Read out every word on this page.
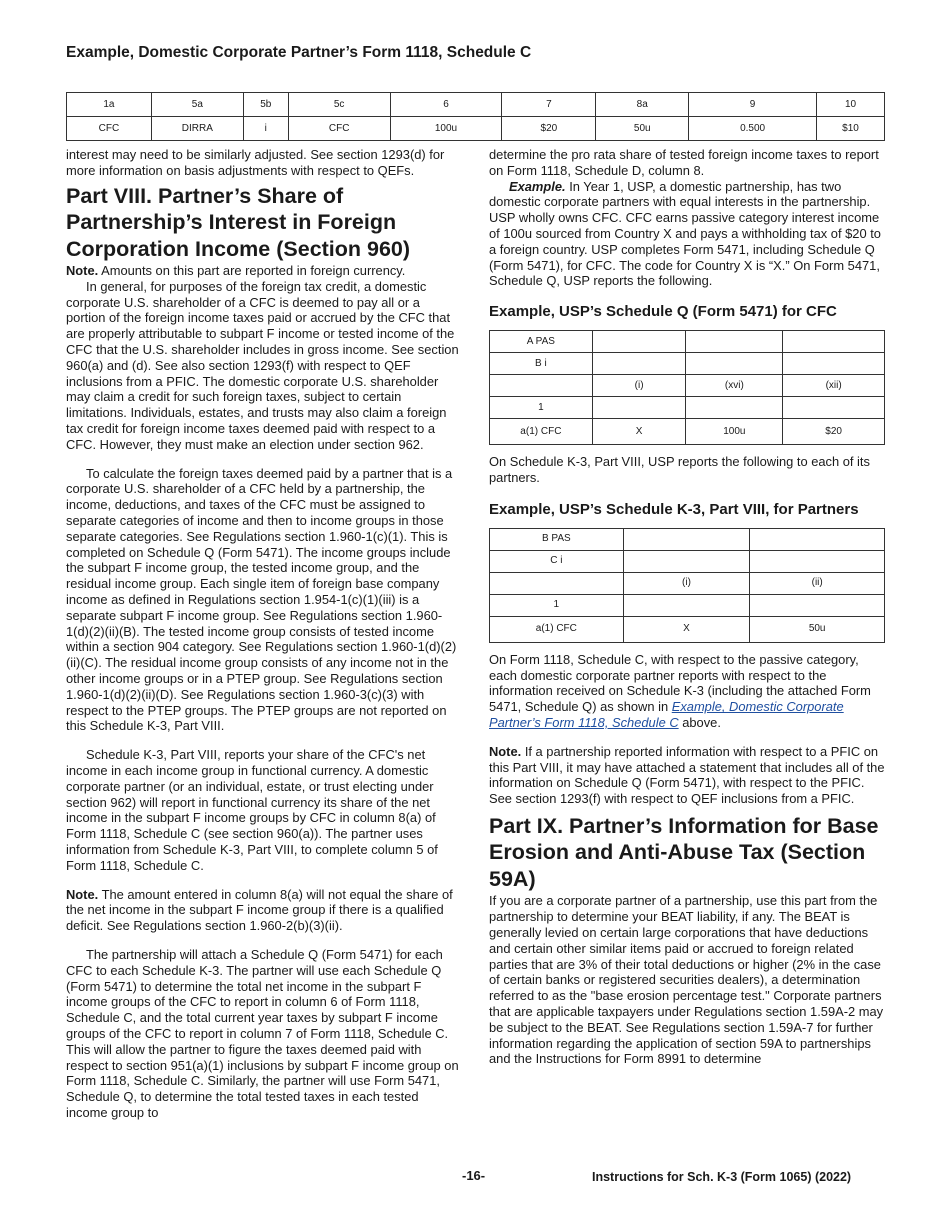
Example, Domestic Corporate Partner’s Form 1118, Schedule C
1a	5a	5b	5c	6	7	8a	9	10
CFC	DIRRA	i	CFC	100u	$20	50u	0.500	$10

interest may need to be similarly adjusted. See section 1293(d) for more information on basis adjustments with respect to QEFs.

Part VIII. Partner’s Share of Partnership’s Interest in Foreign Corporation Income (Section 960)

Note. Amounts on this part are reported in foreign currency.

In general, for purposes of the foreign tax credit, a domestic corporate U.S. shareholder of a CFC is deemed to pay all or a portion of the foreign income taxes paid or accrued by the CFC that are properly attributable to subpart F income or tested income of the CFC that the U.S. shareholder includes in gross income. See section 960(a) and (d). See also section 1293(f) with respect to QEF inclusions from a PFIC. The domestic corporate U.S. shareholder may claim a credit for such foreign taxes, subject to certain limitations. Individuals, estates, and trusts may also claim a foreign tax credit for foreign income taxes deemed paid with respect to a CFC. However, they must make an election under section 962.

To calculate the foreign taxes deemed paid by a partner that is a corporate U.S. shareholder of a CFC held by a partnership, the income, deductions, and taxes of the CFC must be assigned to separate categories of income and then to income groups in those separate categories. See Regulations section 1.960-1(c)(1). This is completed on Schedule Q (Form 5471). The income groups include the subpart F income group, the tested income group, and the residual income group. Each single item of foreign base company income as defined in Regulations section 1.954-1(c)(1)(iii) is a separate subpart F income group. See Regulations section 1.960-1(d)(2)(ii)(B). The tested income group consists of tested income within a section 904 category. See Regulations section 1.960-1(d)(2)(ii)(C). The residual income group consists of any income not in the other income groups or in a PTEP group. See Regulations section 1.960-1(d)(2)(ii)(D). See Regulations section 1.960-3(c)(3) with respect to the PTEP groups. The PTEP groups are not reported on this Schedule K-3, Part VIII.

Schedule K-3, Part VIII, reports your share of the CFC's net income in each income group in functional currency. A domestic corporate partner (or an individual, estate, or trust electing under section 962) will report in functional currency its share of the net income in the subpart F income groups by CFC in column 8(a) of Form 1118, Schedule C (see section 960(a)). The partner uses information from Schedule K-3, Part VIII, to complete column 5 of Form 1118, Schedule C.

Note. The amount entered in column 8(a) will not equal the share of the net income in the subpart F income group if there is a qualified deficit. See Regulations section 1.960-2(b)(3)(ii).

The partnership will attach a Schedule Q (Form 5471) for each CFC to each Schedule K-3. The partner will use each Schedule Q (Form 5471) to determine the total net income in the subpart F income groups of the CFC to report in column 6 of Form 1118, Schedule C, and the total current year taxes by subpart F income groups of the CFC to report in column 7 of Form 1118, Schedule C. This will allow the partner to figure the taxes deemed paid with respect to section 951(a)(1) inclusions by subpart F income group on Form 1118, Schedule C. Similarly, the partner will use Form 5471, Schedule Q, to determine the total tested taxes in each tested income group to

determine the pro rata share of tested foreign income taxes to report on Form 1118, Schedule D, column 8.

Example. In Year 1, USP, a domestic partnership, has two domestic corporate partners with equal interests in the partnership. USP wholly owns CFC. CFC earns passive category interest income of 100u sourced from Country X and pays a withholding tax of $20 to a foreign country. USP completes Form 5471, including Schedule Q (Form 5471), for CFC. The code for Country X is “X.” On Form 5471, Schedule Q, USP reports the following.

Example, USP’s Schedule Q (Form 5471) for CFC
A PAS			
B i			
	(i)	(xvi)	(xii)
1			
a(1) CFC	X	100u	$20

On Schedule K-3, Part VIII, USP reports the following to each of its partners.

Example, USP’s Schedule K-3, Part VIII, for Partners
B PAS		
C i		
	(i)	(ii)
1		
a(1) CFC	X	50u

On Form 1118, Schedule C, with respect to the passive category, each domestic corporate partner reports with respect to the information received on Schedule K-3 (including the attached Form 5471, Schedule Q) as shown in Example, Domestic Corporate Partner’s Form 1118, Schedule C above.

Note. If a partnership reported information with respect to a PFIC on this Part VIII, it may have attached a statement that includes all of the information on Schedule Q (Form 5471), with respect to the PFIC. See section 1293(f) with respect to QEF inclusions from a PFIC.

Part IX. Partner’s Information for Base Erosion and Anti-Abuse Tax (Section 59A)

If you are a corporate partner of a partnership, use this part from the partnership to determine your BEAT liability, if any. The BEAT is generally levied on certain large corporations that have deductions and certain other similar items paid or accrued to foreign related parties that are 3% of their total deductions or higher (2% in the case of certain banks or registered securities dealers), a determination referred to as the "base erosion percentage test." Corporate partners that are applicable taxpayers under Regulations section 1.59A-2 may be subject to the BEAT. See Regulations section 1.59A-7 for further information regarding the application of section 59A to partnerships and the Instructions for Form 8991 to determine

-16-	Instructions for Sch. K-3 (Form 1065) (2022)
